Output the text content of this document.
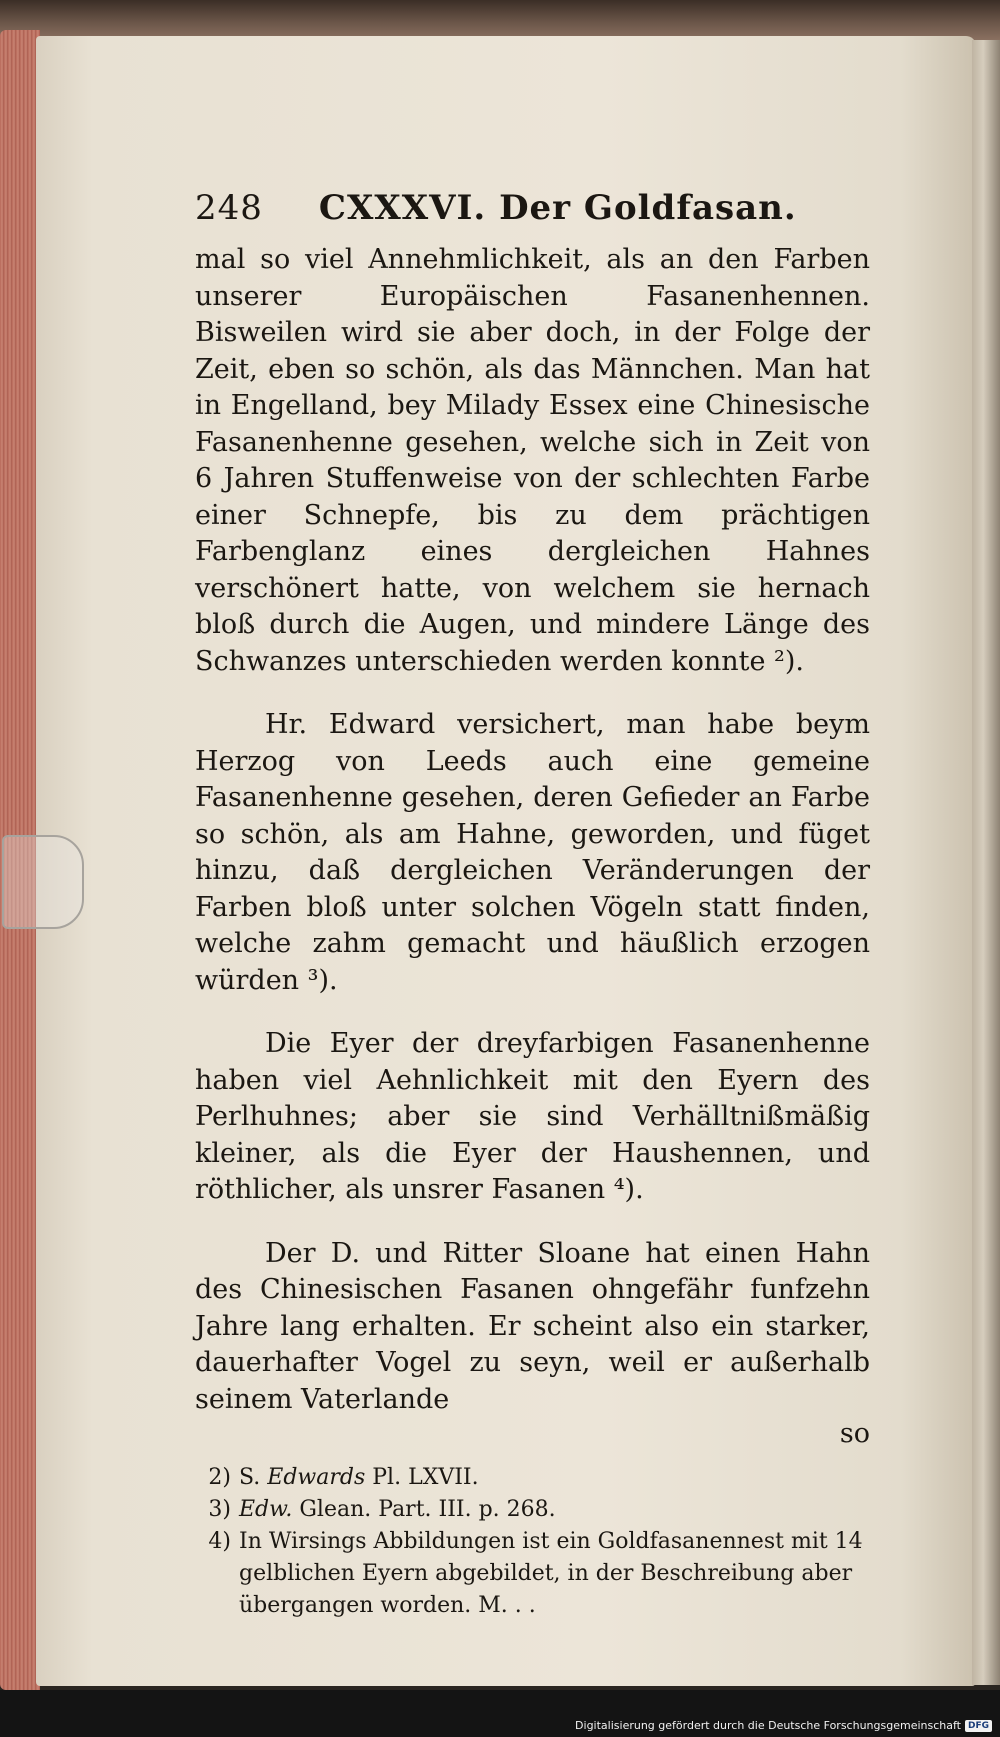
248 CXXXVI. Der Goldfasan.

mal so viel Annehmlichkeit, als an den Farben unserer Europäischen Fasanenhennen. Bisweilen wird sie aber doch, in der Folge der Zeit, eben so schön, als das Männchen. Man hat in Engelland, bey Milady Essex eine Chinesische Fasanenhenne gesehen, welche sich in Zeit von 6 Jahren Stuffenweise von der schlechten Farbe einer Schnepfe, bis zu dem prächtigen Farbenglanz eines dergleichen Hahnes verschönert hatte, von welchem sie hernach bloß durch die Augen, und mindere Länge des Schwanzes unterschieden werden konnte ²).

Hr. Edward versichert, man habe beym Herzog von Leeds auch eine gemeine Fasanenhenne gesehen, deren Gefieder an Farbe so schön, als am Hahne, geworden, und füget hinzu, daß dergleichen Veränderungen der Farben bloß unter solchen Vögeln statt finden, welche zahm gemacht und häußlich erzogen würden ³).

Die Eyer der dreyfarbigen Fasanenhenne haben viel Aehnlichkeit mit den Eyern des Perlhuhnes; aber sie sind Verhälltnißmäßig kleiner, als die Eyer der Haushennen, und röthlicher, als unsrer Fasanen ⁴).

Der D. und Ritter Sloane hat einen Hahn des Chinesischen Fasanen ohngefähr funfzehn Jahre lang erhalten. Er scheint also ein starker, dauerhafter Vogel zu seyn, weil er außerhalb seinem Vaterlande

so
2) S. Edwards Pl. LXVII.
3) Edw. Glean. Part. III. p. 268.
4) In Wirsings Abbildungen ist ein Goldfasanennest mit 14 gelblichen Eyern abgebildet, in der Beschreibung aber übergangen worden. M. . .
Digitalisierung gefördert durch die Deutsche Forschungsgemeinschaft DFG
